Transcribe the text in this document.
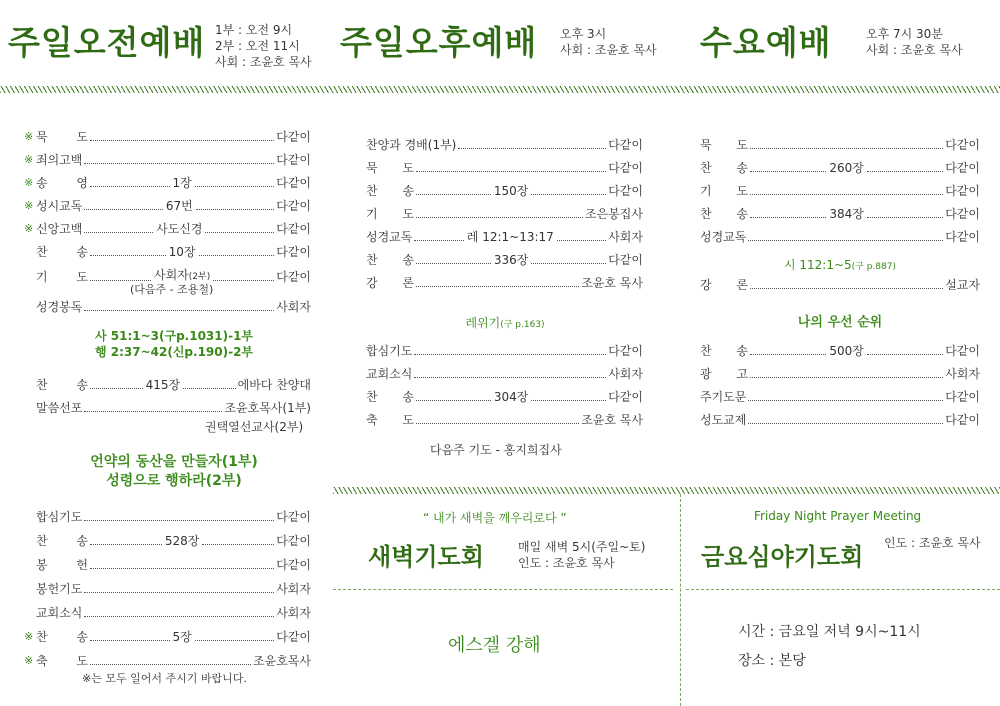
주일오전예배 1부 : 오전 9시
2부 : 오전 11시
사회 : 조윤호 목사 주일오후예배 오후 3시
사회 : 조윤호 목사 수요예배	오후 7시 30분
사회 : 조윤호 목사
※ 묵 도	다같이
※ 죄의고백	다같이
※ 송 영	1장	다같이
※ 성시교독	67번	다같이
※ 신앙고백	사도신경	다같이
찬 송	10장	다같이
기 도	사회자(2부)	다같이
(다음주 - 조용철)
성경봉독	사회자
사 51:1~3(구p.1031)-1부
행 2:37~42(신p.190)-2부
찬 송	415장	에바다 찬양대
말씀선포	조윤호목사(1부)
권택열선교사(2부)
언약의 동산을 만들자(1부)
성령으로 행하라(2부)
합심기도	다같이
찬 송	528장	다같이
봉 헌	다같이
봉헌기도	사회자
교회소식	사회자
※ 찬 송	5장	다같이
※ 축 도	조윤호목사
※는 모두 일어서 주시기 바랍니다.
찬양과 경배(1부)	다같이
묵 도	다같이
찬 송	150장	다같이
기 도	조은봉집사
성경교독	레 12:1~13:17	사회자
찬 송	336장	다같이
강 론	조윤호 목사
레위기(구 p.163)
합심기도	다같이
교회소식	사회자
찬 송	304장	다같이
축 도	조윤호 목사
다음주 기도 - 홍지희집사
묵 도	다같이
찬 송	260장	다같이
기 도	다같이
찬 송	384장	다같이
성경교독	다같이
시 112:1~5(구 p.887)
강 론	설교자
나의 우선 순위
찬 송	500장	다같이
광 고	사회자
주기도문	다같이
성도교제	다같이
“ 내가 새벽을 깨우리로다 ”
새벽기도회	매일 새벽 5시(주일~토)
인도 : 조윤호 목사
에스겔 강해
Friday Night Prayer Meeting
금요심야기도회 인도 : 조윤호 목사
시간 : 금요일 저녁 9시~11시
장소 : 본당
